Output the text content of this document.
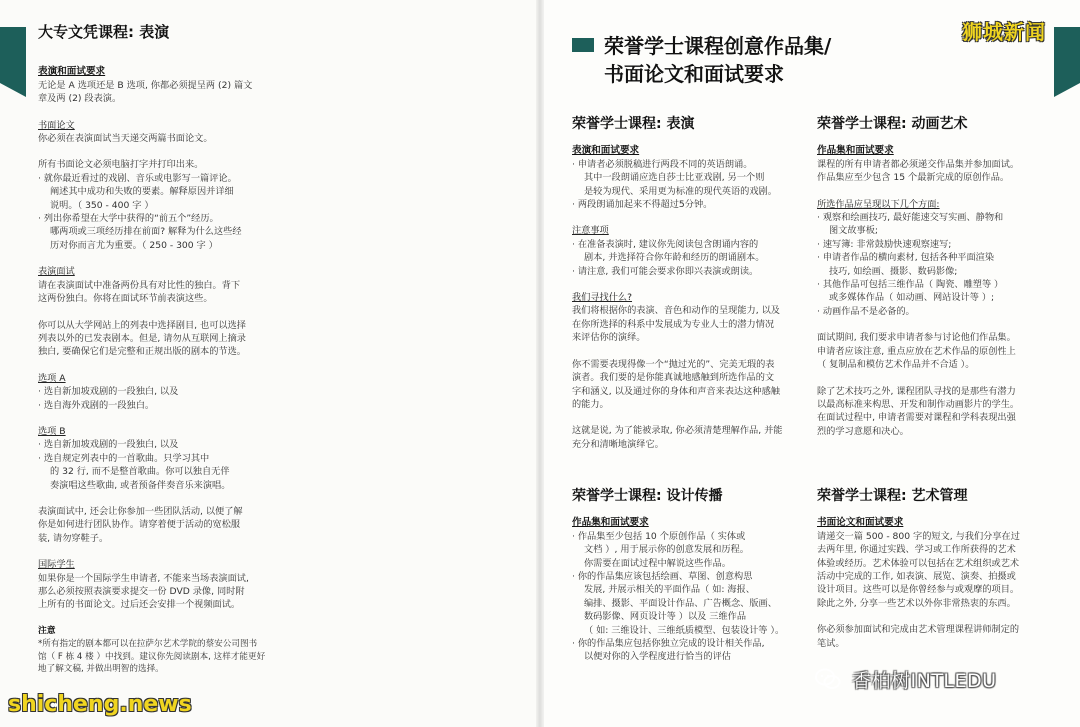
大专文凭课程: 表演

表演和面试要求

无论是 A 选项还是 B 选项, 你都必须提呈两 (2) 篇文

章及两 (2) 段表演。

书面论文

你必须在表演面试当天递交两篇书面论文。

所有书面论文必须电脑打字并打印出来。

· 就你最近看过的戏剧、音乐或电影写一篇评论。

阐述其中成功和失败的要素。解释原因并详细

说明。（ 350 - 400 字 ）

· 列出你希望在大学中获得的“前五个”经历。

哪两项或三项经历排在前面? 解释为什么这些经

历对你而言尤为重要。（ 250 - 300 字 ）

表演面试

请在表演面试中准备两份具有对比性的独白。背下

这两份独白。你将在面试环节前表演这些。

你可以从大学网站上的列表中选择剧目, 也可以选择

列表以外的已发表剧本。但是, 请勿从互联网上摘录

独白, 要确保它们是完整和正规出版的剧本的节选。

选项 A

· 选自新加坡戏剧的一段独白, 以及

· 选自海外戏剧的一段独白。

选项 B

· 选自新加坡戏剧的一段独白, 以及

· 选自规定列表中的一首歌曲。只学习其中

的 32 行, 而不是整首歌曲。你可以独自无伴

奏演唱这些歌曲, 或者预备伴奏音乐来演唱。

表演面试中, 还会让你参加一些团队活动, 以便了解

你是如何进行团队协作。请穿着便于活动的宽松服

装, 请勿穿鞋子。

国际学生

如果你是一个国际学生申请者, 不能来当场表演面试,

那么必须按照表演要求提交一份 DVD 录像, 同时附

上所有的书面论文。过后还会安排一个视频面试。

注意

*所有指定的剧本都可以在拉萨尔艺术学院的蔡安公司图书

馆（ F 栋 4 楼 ）中找到。建议你先阅读剧本, 这样才能更好

地了解文稿, 并做出明智的选择。

荣誉学士课程创意作品集/
书面论文和面试要求

荣誉学士课程: 表演

表演和面试要求

· 申请者必须脱稿进行两段不同的英语朗诵。

其中一段朗诵应选自莎士比亚戏剧, 另一个则

是较为现代、采用更为标准的现代英语的戏剧。

· 两段朗诵加起来不得超过5分钟。

注意事项

· 在准备表演时, 建议你先阅读包含朗诵内容的

剧本, 并选择符合你年龄和经历的朗诵剧本。

· 请注意, 我们可能会要求你即兴表演或朗读。

我们寻找什么?

我们将根据你的表演、音色和动作的呈现能力, 以及

在你所选择的科系中发展成为专业人士的潜力情况

来评估你的演绎。

你不需要表现得像一个“抛过光的”、完美无瑕的表

演者。我们要的是你能真诚地感触到所选作品的文

字和涵义, 以及通过你的身体和声音来表达这种感触

的能力。

这就是说, 为了能被录取, 你必须清楚理解作品, 并能

充分和清晰地演绎它。

荣誉学士课程: 设计传播

作品集和面试要求

· 作品集至少包括 10 个原创作品（ 实体或

文档 ）, 用于展示你的创意发展和历程。

你需要在面试过程中解说这些作品。

· 你的作品集应该包括绘画、草图、创意构思

发展, 并展示相关的平面作品（ 如: 海报、

编排、摄影、平面设计作品、广告概念、版画、

数码影像、网页设计等 ）以及 三维作品

（ 如: 三维设计、三维纸质模型、包装设计等 ）。

· 你的作品集应包括你独立完成的设计相关作品,

以便对你的入学程度进行恰当的评估

荣誉学士课程: 动画艺术

作品集和面试要求

课程的所有申请者都必须递交作品集并参加面试。

作品集应至少包含 15 个最新完成的原创作品。

所选作品应呈现以下几个方面:

· 观察和绘画技巧, 最好能速交写实画、静物和

图文故事板;

· 速写簿: 非常鼓励快速观察速写;

· 申请者作品的横向素材, 包括各种平面渲染

技巧, 如绘画、摄影、数码影像;

· 其他作品可包括三维作品（ 陶瓷、雕塑等 ）

或多媒体作品（ 如动画、网站设计等 ）;

· 动画作品不是必备的。

面试期间, 我们要求申请者参与讨论他们作品集。

申请者应该注意, 重点应放在艺术作品的原创性上

（ 复制品和模仿艺术作品并不合适 ）。

除了艺术技巧之外, 课程团队寻找的是那些有潜力

以最高标准来构思、开发和制作动画影片的学生。

在面试过程中, 申请者需要对课程和学科表现出强

烈的学习意愿和决心。

荣誉学士课程: 艺术管理

书面论文和面试要求

请递交一篇 500 - 800 字的短文, 与我们分享在过

去两年里, 你通过实践、学习或工作所获得的艺术

体验或经历。艺术体验可以包括在艺术组织或艺术

活动中完成的工作, 如表演、展览、演奏、拍摄或

设计项目。这些可以是你曾经参与或观摩的项目。

除此之外, 分享一些艺术以外你非常热衷的东西。

你必须参加面试和完成由艺术管理课程讲师制定的

笔试。

狮城新闻
shicheng.news
香柏树INTLEDU
